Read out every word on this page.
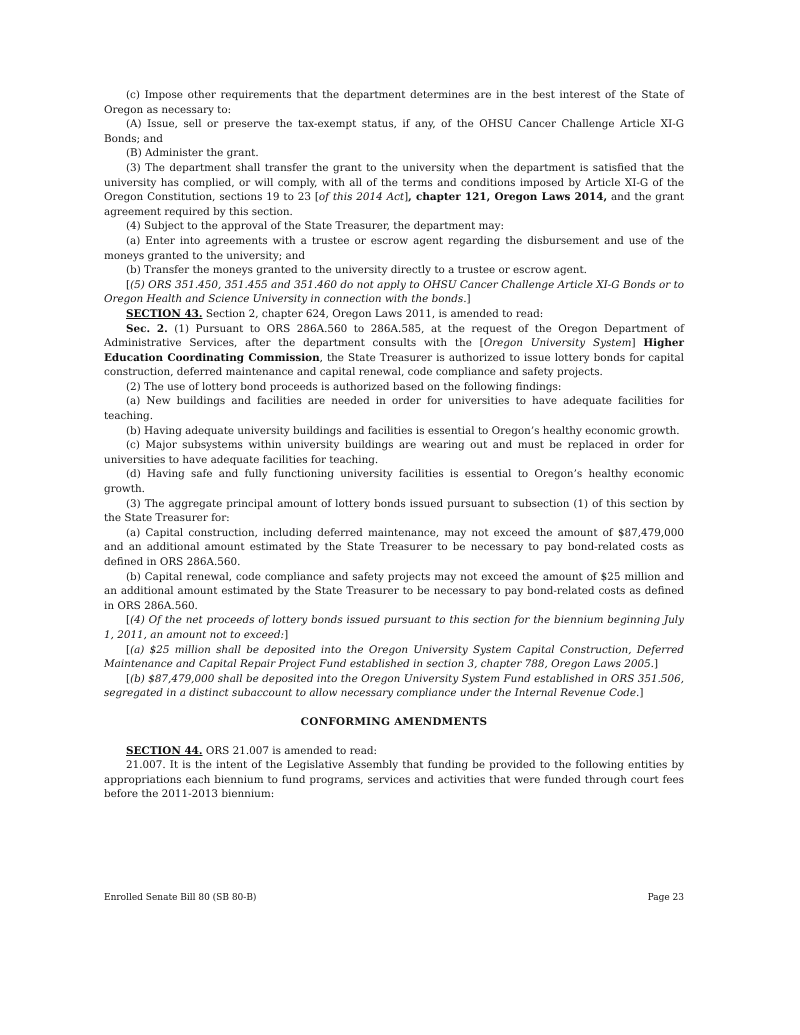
(c) Impose other requirements that the department determines are in the best interest of the State of Oregon as necessary to:

(A) Issue, sell or preserve the tax-exempt status, if any, of the OHSU Cancer Challenge Article XI-G Bonds; and

(B) Administer the grant.

(3) The department shall transfer the grant to the university when the department is satisfied that the university has complied, or will comply, with all of the terms and conditions imposed by Article XI-G of the Oregon Constitution, sections 19 to 23 [of this 2014 Act], chapter 121, Oregon Laws 2014, and the grant agreement required by this section.

(4) Subject to the approval of the State Treasurer, the department may:

(a) Enter into agreements with a trustee or escrow agent regarding the disbursement and use of the moneys granted to the university; and

(b) Transfer the moneys granted to the university directly to a trustee or escrow agent.

[(5) ORS 351.450, 351.455 and 351.460 do not apply to OHSU Cancer Challenge Article XI-G Bonds or to Oregon Health and Science University in connection with the bonds.]

SECTION 43. Section 2, chapter 624, Oregon Laws 2011, is amended to read:

Sec. 2. (1) Pursuant to ORS 286A.560 to 286A.585, at the request of the Oregon Department of Administrative Services, after the department consults with the [Oregon University System] Higher Education Coordinating Commission, the State Treasurer is authorized to issue lottery bonds for capital construction, deferred maintenance and capital renewal, code compliance and safety projects.

(2) The use of lottery bond proceeds is authorized based on the following findings:

(a) New buildings and facilities are needed in order for universities to have adequate facilities for teaching.

(b) Having adequate university buildings and facilities is essential to Oregon’s healthy economic growth.

(c) Major subsystems within university buildings are wearing out and must be replaced in order for universities to have adequate facilities for teaching.

(d) Having safe and fully functioning university facilities is essential to Oregon’s healthy economic growth.

(3) The aggregate principal amount of lottery bonds issued pursuant to subsection (1) of this section by the State Treasurer for:

(a) Capital construction, including deferred maintenance, may not exceed the amount of $87,479,000 and an additional amount estimated by the State Treasurer to be necessary to pay bond-related costs as defined in ORS 286A.560.

(b) Capital renewal, code compliance and safety projects may not exceed the amount of $25 million and an additional amount estimated by the State Treasurer to be necessary to pay bond-related costs as defined in ORS 286A.560.

[(4) Of the net proceeds of lottery bonds issued pursuant to this section for the biennium beginning July 1, 2011, an amount not to exceed:]

[(a) $25 million shall be deposited into the Oregon University System Capital Construction, Deferred Maintenance and Capital Repair Project Fund established in section 3, chapter 788, Oregon Laws 2005.]

[(b) $87,479,000 shall be deposited into the Oregon University System Fund established in ORS 351.506, segregated in a distinct subaccount to allow necessary compliance under the Internal Revenue Code.]

CONFORMING AMENDMENTS

SECTION 44. ORS 21.007 is amended to read:

21.007. It is the intent of the Legislative Assembly that funding be provided to the following entities by appropriations each biennium to fund programs, services and activities that were funded through court fees before the 2011-2013 biennium:

Enrolled Senate Bill 80 (SB 80-B)	Page 23
